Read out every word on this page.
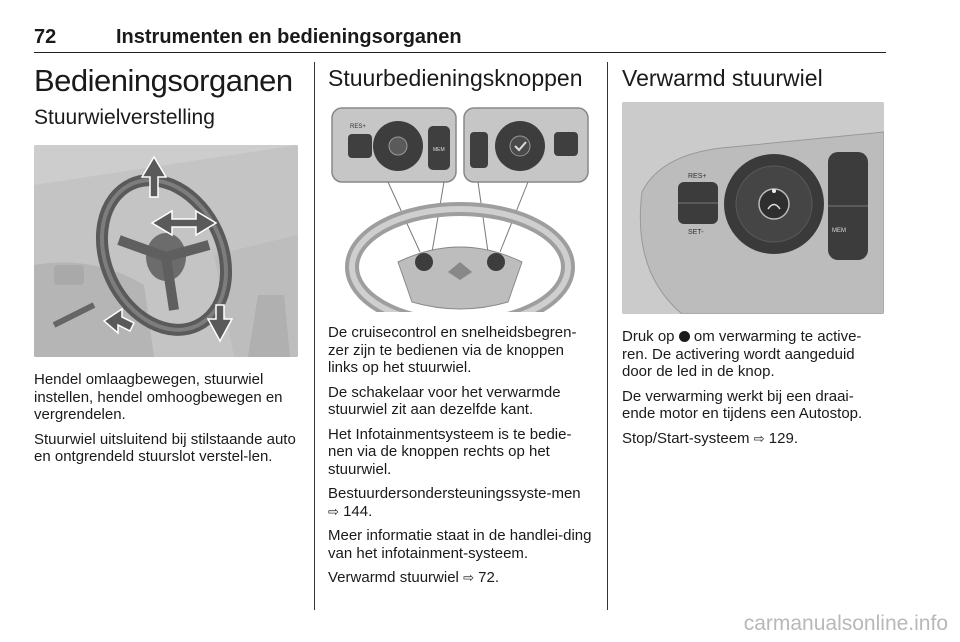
72	Instrumenten en bedieningsorganen
Bedieningsorganen
Stuurwielverstelling

Hendel omlaagbewegen, stuurwiel instellen, hendel omhoogbewegen en vergrendelen.

Stuurwiel uitsluitend bij stilstaande auto en ontgrendeld stuurslot verstel-len.

Stuurbedieningsknoppen
RES+
MEM

De cruisecontrol en snelheidsbegren-zer zijn te bedienen via de knoppen links op het stuurwiel.

De schakelaar voor het verwarmde stuurwiel zit aan dezelfde kant.

Het Infotainmentsysteem is te bedie-nen via de knoppen rechts op het stuurwiel.

Bestuurdersondersteuningssyste-men
⇨ 144.

Meer informatie staat in de handlei-ding van het infotainment-systeem.

Verwarmd stuurwiel ⇨ 72.

Verwarmd stuurwiel
RES+
SET-	MEM

Druk op om verwarming te active-ren. De activering wordt aangeduid door de led in de knop.

De verwarming werkt bij een draai-ende motor en tijdens een Autostop.

Stop/Start-systeem ⇨ 129.

carmanualsonline.info
